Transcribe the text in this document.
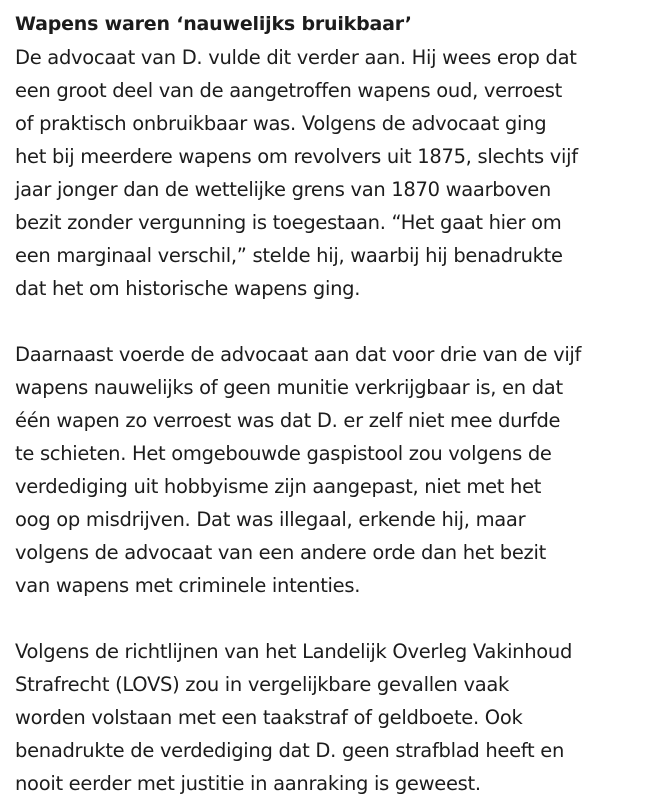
Wapens waren ‘nauwelijks bruikbaar’

De advocaat van D. vulde dit verder aan. Hij wees erop dat
een groot deel van de aangetroffen wapens oud, verroest
of praktisch onbruikbaar was. Volgens de advocaat ging
het bij meerdere wapens om revolvers uit 1875, slechts vijf
jaar jonger dan de wettelijke grens van 1870 waarboven
bezit zonder vergunning is toegestaan. “Het gaat hier om
een marginaal verschil,” stelde hij, waarbij hij benadrukte
dat het om historische wapens ging.

Daarnaast voerde de advocaat aan dat voor drie van de vijf
wapens nauwelijks of geen munitie verkrijgbaar is, en dat
één wapen zo verroest was dat D. er zelf niet mee durfde
te schieten. Het omgebouwde gaspistool zou volgens de
verdediging uit hobbyisme zijn aangepast, niet met het
oog op misdrijven. Dat was illegaal, erkende hij, maar
volgens de advocaat van een andere orde dan het bezit
van wapens met criminele intenties.

Volgens de richtlijnen van het Landelijk Overleg Vakinhoud
Strafrecht (LOVS) zou in vergelijkbare gevallen vaak
worden volstaan met een taakstraf of geldboete. Ook
benadrukte de verdediging dat D. geen strafblad heeft en
nooit eerder met justitie in aanraking is geweest.
